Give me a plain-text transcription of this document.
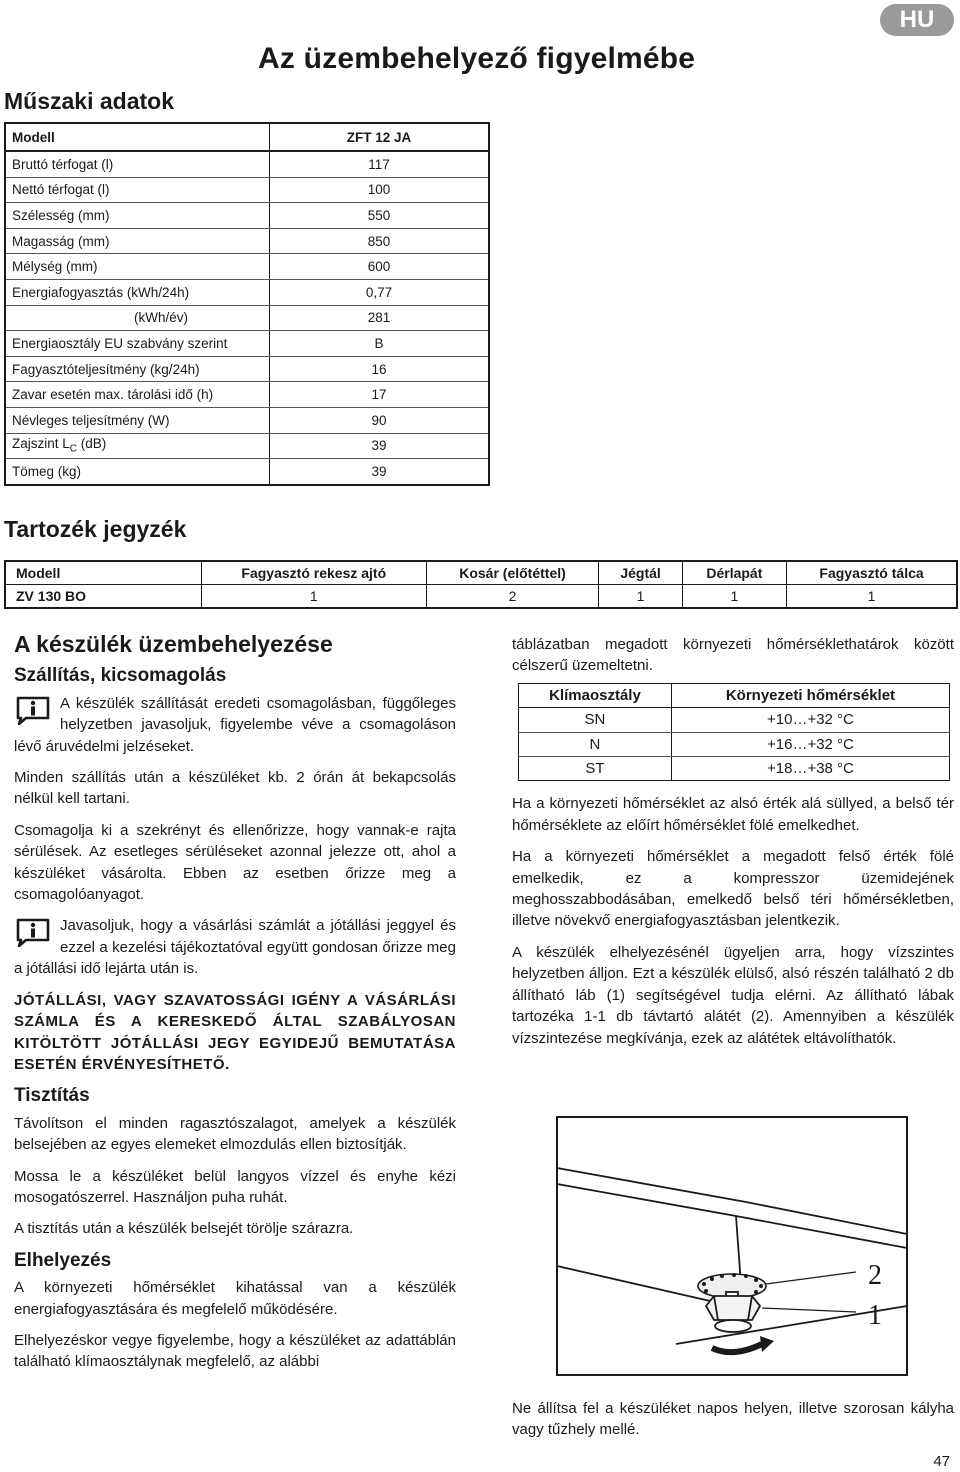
HU
Az üzembehelyező figyelmébe
Műszaki adatok
Modell	ZFT 12 JA
Bruttó térfogat (l)	117
Nettó térfogat (l)	100
Szélesség (mm)	550
Magasság (mm)	850
Mélység (mm)	600
Energiafogyasztás (kWh/24h)	0,77
(kWh/év)	281
Energiaosztály EU szabvány szerint	B
Fagyasztóteljesítmény (kg/24h)	16
Zavar esetén max. tárolási idő (h)	17
Névleges teljesítmény (W)	90
Zajszint $L_C$ (dB)	39
Tömeg (kg)	39
Tartozék jegyzék
Modell	Fagyasztó rekesz ajtó	Kosár (előtéttel)	Jégtál	Dérlapát	Fagyasztó tálca
ZV 130 BO	1	2	1	1	1
A készülék üzembehelyezése
Szállítás, kicsomagolás

A készülék szállítását eredeti csomagolásban, függőleges helyzetben javasoljuk, figyelembe véve a csomagoláson lévő áruvédelmi jelzéseket.

Minden szállítás után a készüléket kb. 2 órán át bekapcsolás nélkül kell tartani.

Csomagolja ki a szekrényt és ellenőrizze, hogy vannak-e rajta sérülések. Az esetleges sérüléseket azonnal jelezze ott, ahol a készüléket vásárolta. Ebben az esetben őrizze meg a csomagolóanyagot.

Javasoljuk, hogy a vásárlási számlát a jótállási jeggyel és ezzel a kezelési tájékoztatóval együtt gondosan őrizze meg a jótállási idő lejárta után is.

JÓTÁLLÁSI, VAGY SZAVATOSSÁGI IGÉNY A VÁSÁRLÁSI SZÁMLA ÉS A KERESKEDŐ ÁLTAL SZABÁLYOSAN KITÖLTÖTT JÓTÁLLÁSI JEGY EGYIDEJŰ BEMUTATÁSA ESETÉN ÉRVÉNYESÍTHETŐ.

Tisztítás

Távolítson el minden ragasztószalagot, amelyek a készülék belsejében az egyes elemeket elmozdulás ellen biztosítják.

Mossa le a készüléket belül langyos vízzel és enyhe kézi mosogatószerrel. Használjon puha ruhát.

A tisztítás után a készülék belsejét törölje szárazra.

Elhelyezés

A környezeti hőmérséklet kihatással van a készülék energiafogyasztására és megfelelő működésére.

Elhelyezéskor vegye figyelembe, hogy a készüléket az adattáblán található klímaosztálynak megfelelő, az alábbi

táblázatban megadott környezeti hőmérséklethatárok között célszerű üzemeltetni.

Klímaosztály	Környezeti hőmérséklet
SN	+10…+32 °C
N	+16…+32 °C
ST	+18…+38 °C

Ha a környezeti hőmérséklet az alsó érték alá süllyed, a belső tér hőmérséklete az előírt hőmérséklet fölé emelkedhet.

Ha a környezeti hőmérséklet a megadott felső érték fölé emelkedik, ez a kompresszor üzemidejének meghosszabbodásában, emelkedő belső téri hőmérsékletben, illetve növekvő energiafogyasztásban jelentkezik.

A készülék elhelyezésénél ügyeljen arra, hogy vízszintes helyzetben álljon. Ezt a készülék elülső, alsó részén található 2 db állítható láb (1) segítségével tudja elérni. Az állítható lábak tartozéka 1-1 db távtartó alátét (2). Amennyiben a készülék vízszintezése megkívánja, ezek az alátétek eltávolíthatók.

2
1

Ne állítsa fel a készüléket napos helyen, illetve szorosan kályha vagy tűzhely mellé.

47
